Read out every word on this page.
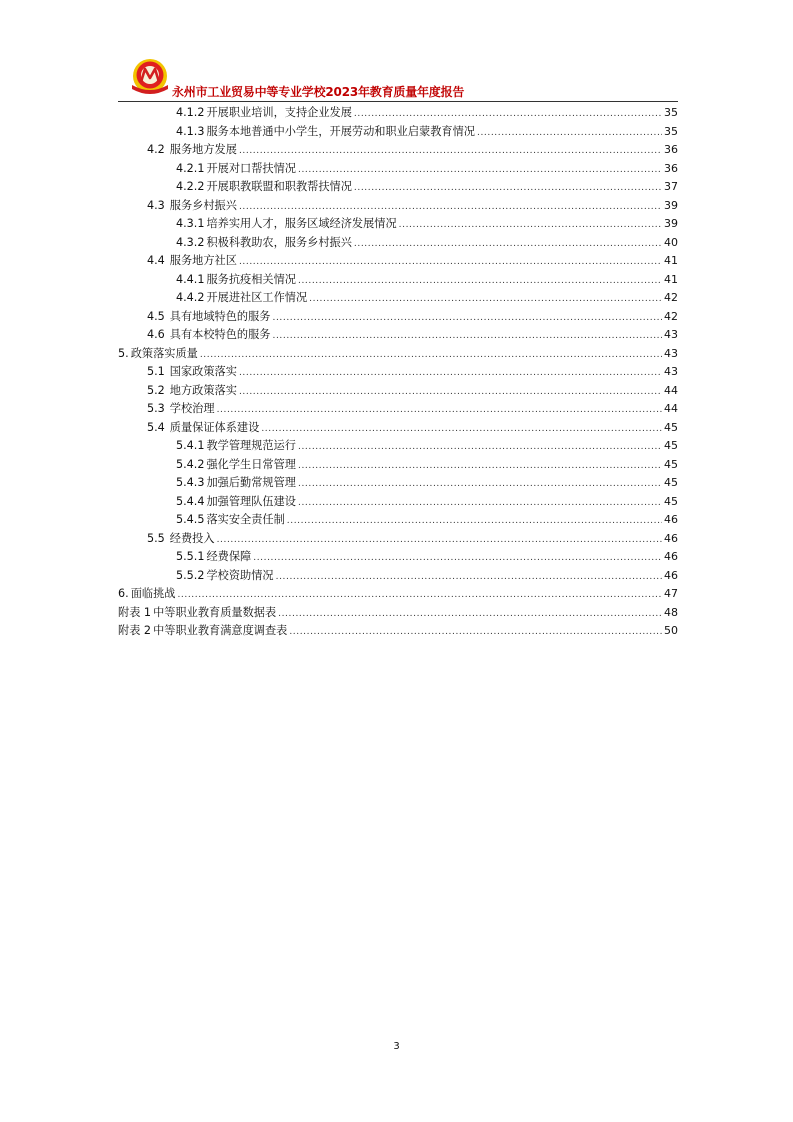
永州市工业贸易中等专业学校2023年教育质量年度报告
4.1.2 开展职业培训，支持企业发展 .....	35
4.1.3 服务本地普通中小学生，开展劳动和职业启蒙教育情况 .....	35
4.2 服务地方发展 .....	36
4.2.1 开展对口帮扶情况 .....	36
4.2.2 开展职教联盟和职教帮扶情况 .....	37
4.3 服务乡村振兴 .....	39
4.3.1 培养实用人才，服务区域经济发展情况 .....	39
4.3.2 积极科教助农，服务乡村振兴 .....	40
4.4 服务地方社区 .....	41
4.4.1 服务抗疫相关情况 .....	41
4.4.2 开展进社区工作情况 .....	42
4.5 具有地域特色的服务 .....	42
4.6 具有本校特色的服务 .....	43
5. 政策落实质量 .....	43
5.1 国家政策落实 .....	43
5.2 地方政策落实 .....	44
5.3 学校治理 .....	44
5.4 质量保证体系建设 .....	45
5.4.1 教学管理规范运行 .....	45
5.4.2 强化学生日常管理 .....	45
5.4.3 加强后勤常规管理 .....	45
5.4.4 加强管理队伍建设 .....	45
5.4.5 落实安全责任制 .....	46
5.5 经费投入 .....	46
5.5.1 经费保障 .....	46
5.5.2 学校资助情况 .....	46
6. 面临挑战 .....	47
附表 1 中等职业教育质量数据表 .....	48
附表 2 中等职业教育满意度调查表 .....	50
3
